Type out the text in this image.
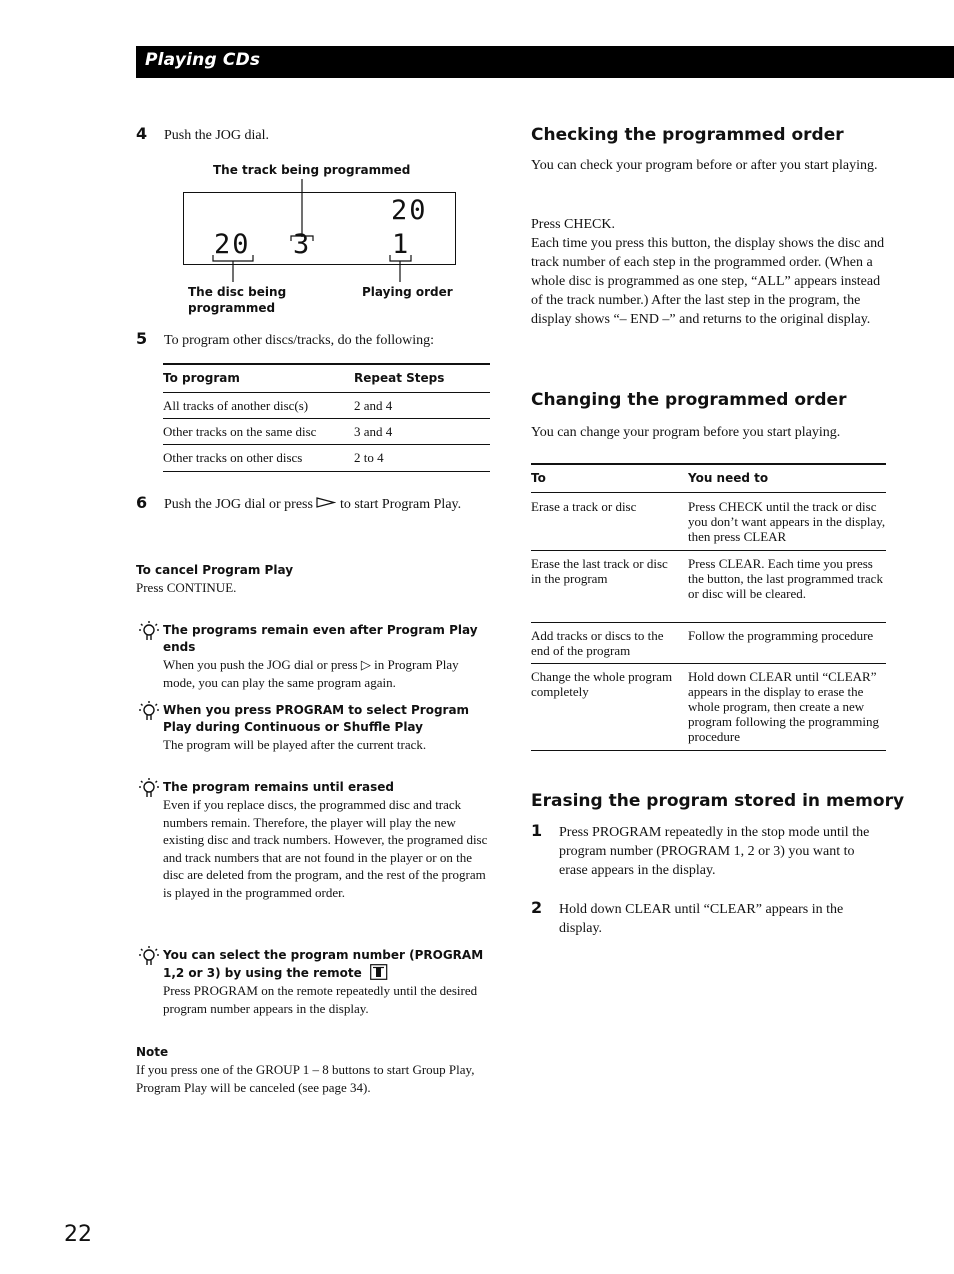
Playing CDs
4 Push the JOG dial.
The track being programmed
20
20 3	1
The disc being programmed
Playing order
5 To program other discs/tracks, do the following:
To program	Repeat Steps
All tracks of another disc(s)	2 and 4
Other tracks on the same disc	3 and 4
Other tracks on other discs	2 to 4
6 Push the JOG dial or press to start Program Play.
To cancel Program Play
Press CONTINUE.
The programs remain even after Program Play ends
When you push the JOG dial or press ▷ in Program Play mode, you can play the same program again.
When you press PROGRAM to select Program Play during Continuous or Shuffle Play
The program will be played after the current track.
The program remains until erased
Even if you replace discs, the programmed disc and track numbers remain. Therefore, the player will play the new existing disc and track numbers. However, the programed disc and track numbers that are not found in the player or on the disc are deleted from the program, and the rest of the program is played in the programmed order.
You can select the program number (PROGRAM 1,2 or 3) by using the remote
Press PROGRAM on the remote repeatedly until the desired program number appears in the display.
Note
If you press one of the GROUP 1 – 8 buttons to start Group Play, Program Play will be canceled (see page 34).
22
Checking the programmed order
You can check your program before or after you start playing.
Press CHECK.
Each time you press this button, the display shows the disc and track number of each step in the programmed order. (When a whole disc is programmed as one step, “ALL” appears instead of the track number.) After the last step in the program, the display shows “– END –” and returns to the original display.
Changing the programmed order
You can change your program before you start playing.
To	You need to
Erase a track or disc	Press CHECK until the track or disc you don’t want appears in the display, then press CLEAR
Erase the last track or disc in the program	Press CLEAR. Each time you press the button, the last programmed track or disc will be cleared.
Add tracks or discs to the end of the program	Follow the programming procedure
Change the whole program completely	Hold down CLEAR until “CLEAR” appears in the display to erase the whole program, then create a new program following the programming procedure
Erasing the program stored in memory
1 Press PROGRAM repeatedly in the stop mode until the program number (PROGRAM 1, 2 or 3) you want to erase appears in the display.
2 Hold down CLEAR until “CLEAR” appears in the display.
